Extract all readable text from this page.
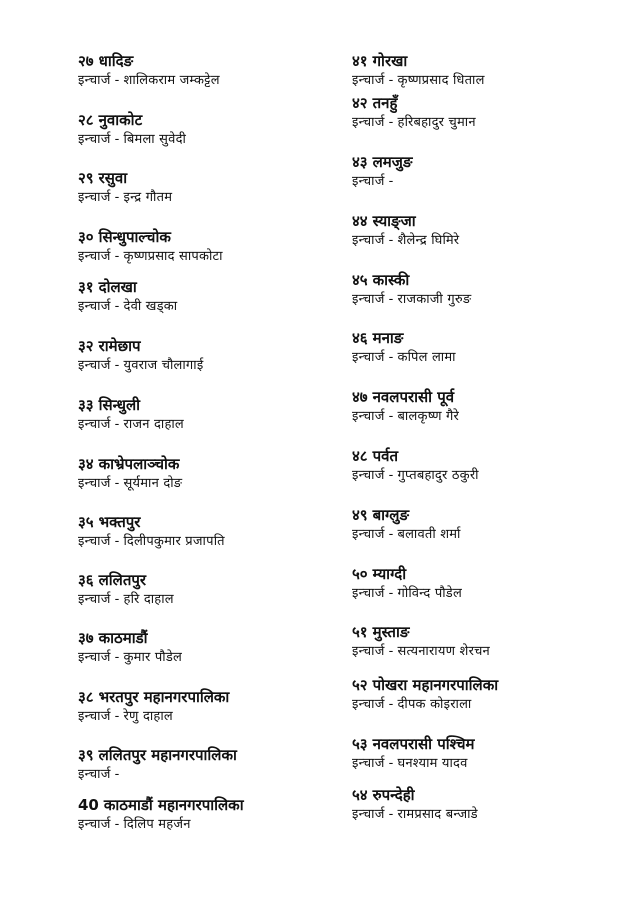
२७ धादिङ
इन्चार्ज - शालिकराम जम्कट्टेल
२८ नुवाकोट
इन्चार्ज - बिमला सुवेदी
२९ रसुवा
इन्चार्ज - इन्द्र गौतम
३० सिन्धुपाल्चोक
इन्चार्ज - कृष्णप्रसाद सापकोटा
३१ दोलखा
इन्चार्ज - देवी खड्का
३२ रामेछाप
इन्चार्ज - युवराज चौलागाई
३३ सिन्धुली
इन्चार्ज - राजन दाहाल
३४ काभ्रेपलाञ्चोक
इन्चार्ज - सूर्यमान दोङ
३५ भक्तपुर
इन्चार्ज - दिलीपकुमार प्रजापति
३६ ललितपुर
इन्चार्ज - हरि दाहाल
३७ काठमाडौं
इन्चार्ज - कुमार पौडेल
३८ भरतपुर महानगरपालिका
इन्चार्ज - रेणु दाहाल
३९ ललितपुर महानगरपालिका
इन्चार्ज -
40 काठमाडौं महानगरपालिका
इन्चार्ज - दिलिप महर्जन
४१ गोरखा
इन्चार्ज - कृष्णप्रसाद धिताल
४२ तनहुँ
इन्चार्ज - हरिबहादुर चुमान
४३ लमजुङ
इन्चार्ज -
४४ स्याङ्जा
इन्चार्ज - शैलेन्द्र घिमिरे
४५ कास्की
इन्चार्ज - राजकाजी गुरुङ
४६ मनाङ
इन्चार्ज - कपिल लामा
४७ नवलपरासी पूर्व
इन्चार्ज - बालकृष्ण गैरे
४८ पर्वत
इन्चार्ज - गुप्तबहादुर ठकुरी
४९ बाग्लुङ
इन्चार्ज - बलावती शर्मा
५० म्याग्दी
इन्चार्ज - गोविन्द पौडेल
५१ मुस्ताङ
इन्चार्ज - सत्यनारायण शेरचन
५२ पोखरा महानगरपालिका
इन्चार्ज - दीपक कोइराला
५३ नवलपरासी पश्चिम
इन्चार्ज - घनश्याम यादव
५४ रुपन्देही
इन्चार्ज - रामप्रसाद बन्जाडे
